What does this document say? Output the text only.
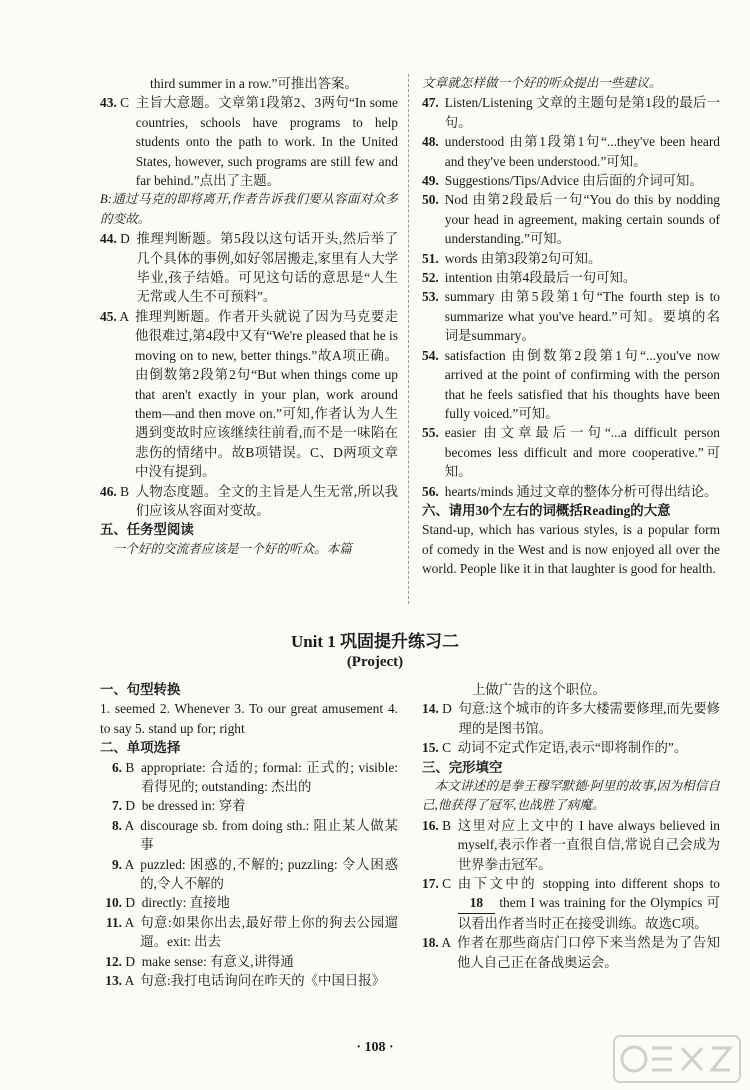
third summer in a row.”可推出答案。
43. C 主旨大意题。文章第1段第2、3两句“In some countries, schools have programs to help students onto the path to work. In the United States, however, such programs are still few and far behind.”点出了主题。
B:通过马克的即将离开,作者告诉我们要从容面对众多的变故。
44. D 推理判断题。第5段以这句话开头,然后举了几个具体的事例,如好邻居搬走,家里有人大学毕业,孩子结婚。可见这句话的意思是“人生无常或人生不可预料”。
45. A 推理判断题。作者开头就说了因为马克要走他很难过,第4段中又有“We're pleased that he is moving on to new, better things.”故A项正确。由倒数第2段第2句“But when things come up that aren't exactly in your plan, work around them—and then move on.”可知,作者认为人生遇到变故时应该继续往前看,而不是一味陷在悲伤的情绪中。故B项错误。C、D两项文章中没有提到。
46. B 人物态度题。全文的主旨是人生无常,所以我们应该从容面对变故。
五、任务型阅读
一个好的交流者应该是一个好的听众。本篇
文章就怎样做一个好的听众提出一些建议。
47. Listen/Listening 文章的主题句是第1段的最后一句。
48. understood 由第1段第1句“...they've been heard and they've been understood.”可知。
49. Suggestions/Tips/Advice 由后面的介词可知。
50. Nod 由第2段最后一句“You do this by nodding your head in agreement, making certain sounds of understanding.”可知。
51. words 由第3段第2句可知。
52. intention 由第4段最后一句可知。
53. summary 由第5段第1句“The fourth step is to summarize what you've heard.”可知。要填的名词是summary。
54. satisfaction 由倒数第2段第1句“...you've now arrived at the point of confirming with the person that he feels satisfied that his thoughts have been fully voiced.”可知。
55. easier 由文章最后一句“...a difficult person becomes less difficult and more cooperative.”可知。
56. hearts/minds 通过文章的整体分析可得出结论。
六、请用30个左右的词概括Reading的大意
Stand-up, which has various styles, is a popular form of comedy in the West and is now enjoyed all over the world. People like it in that laughter is good for health.
Unit 1 巩固提升练习二
(Project)
一、句型转换
1. seemed 2. Whenever 3. To our great amusement 4. to say 5. stand up for; right
二、单项选择
6. B appropriate: 合适的; formal: 正式的; visible: 看得见的; outstanding: 杰出的
7. D be dressed in: 穿着
8. A discourage sb. from doing sth.: 阻止某人做某事
9. A puzzled: 困惑的,不解的; puzzling: 令人困惑的,令人不解的
10. D directly: 直接地
11. A 句意:如果你出去,最好带上你的狗去公园遛遛。exit: 出去
12. D make sense: 有意义,讲得通
13. A 句意:我打电话询问在昨天的《中国日报》
上做广告的这个职位。
14. D 句意:这个城市的许多大楼需要修理,而先要修理的是图书馆。
15. C 动词不定式作定语,表示“即将制作的”。
三、完形填空
本文讲述的是拳王穆罕默德·阿里的故事,因为相信自己,他获得了冠军,也战胜了病魔。
16. B 这里对应上文中的 I have always believed in myself,表示作者一直很自信,常说自己会成为世界拳击冠军。
17. C 由下文中的 stopping into different shops to 18 them I was training for the Olympics 可以看出作者当时正在接受训练。故选C项。
18. A 作者在那些商店门口停下来当然是为了告知他人自己正在备战奥运会。
· 108 ·
